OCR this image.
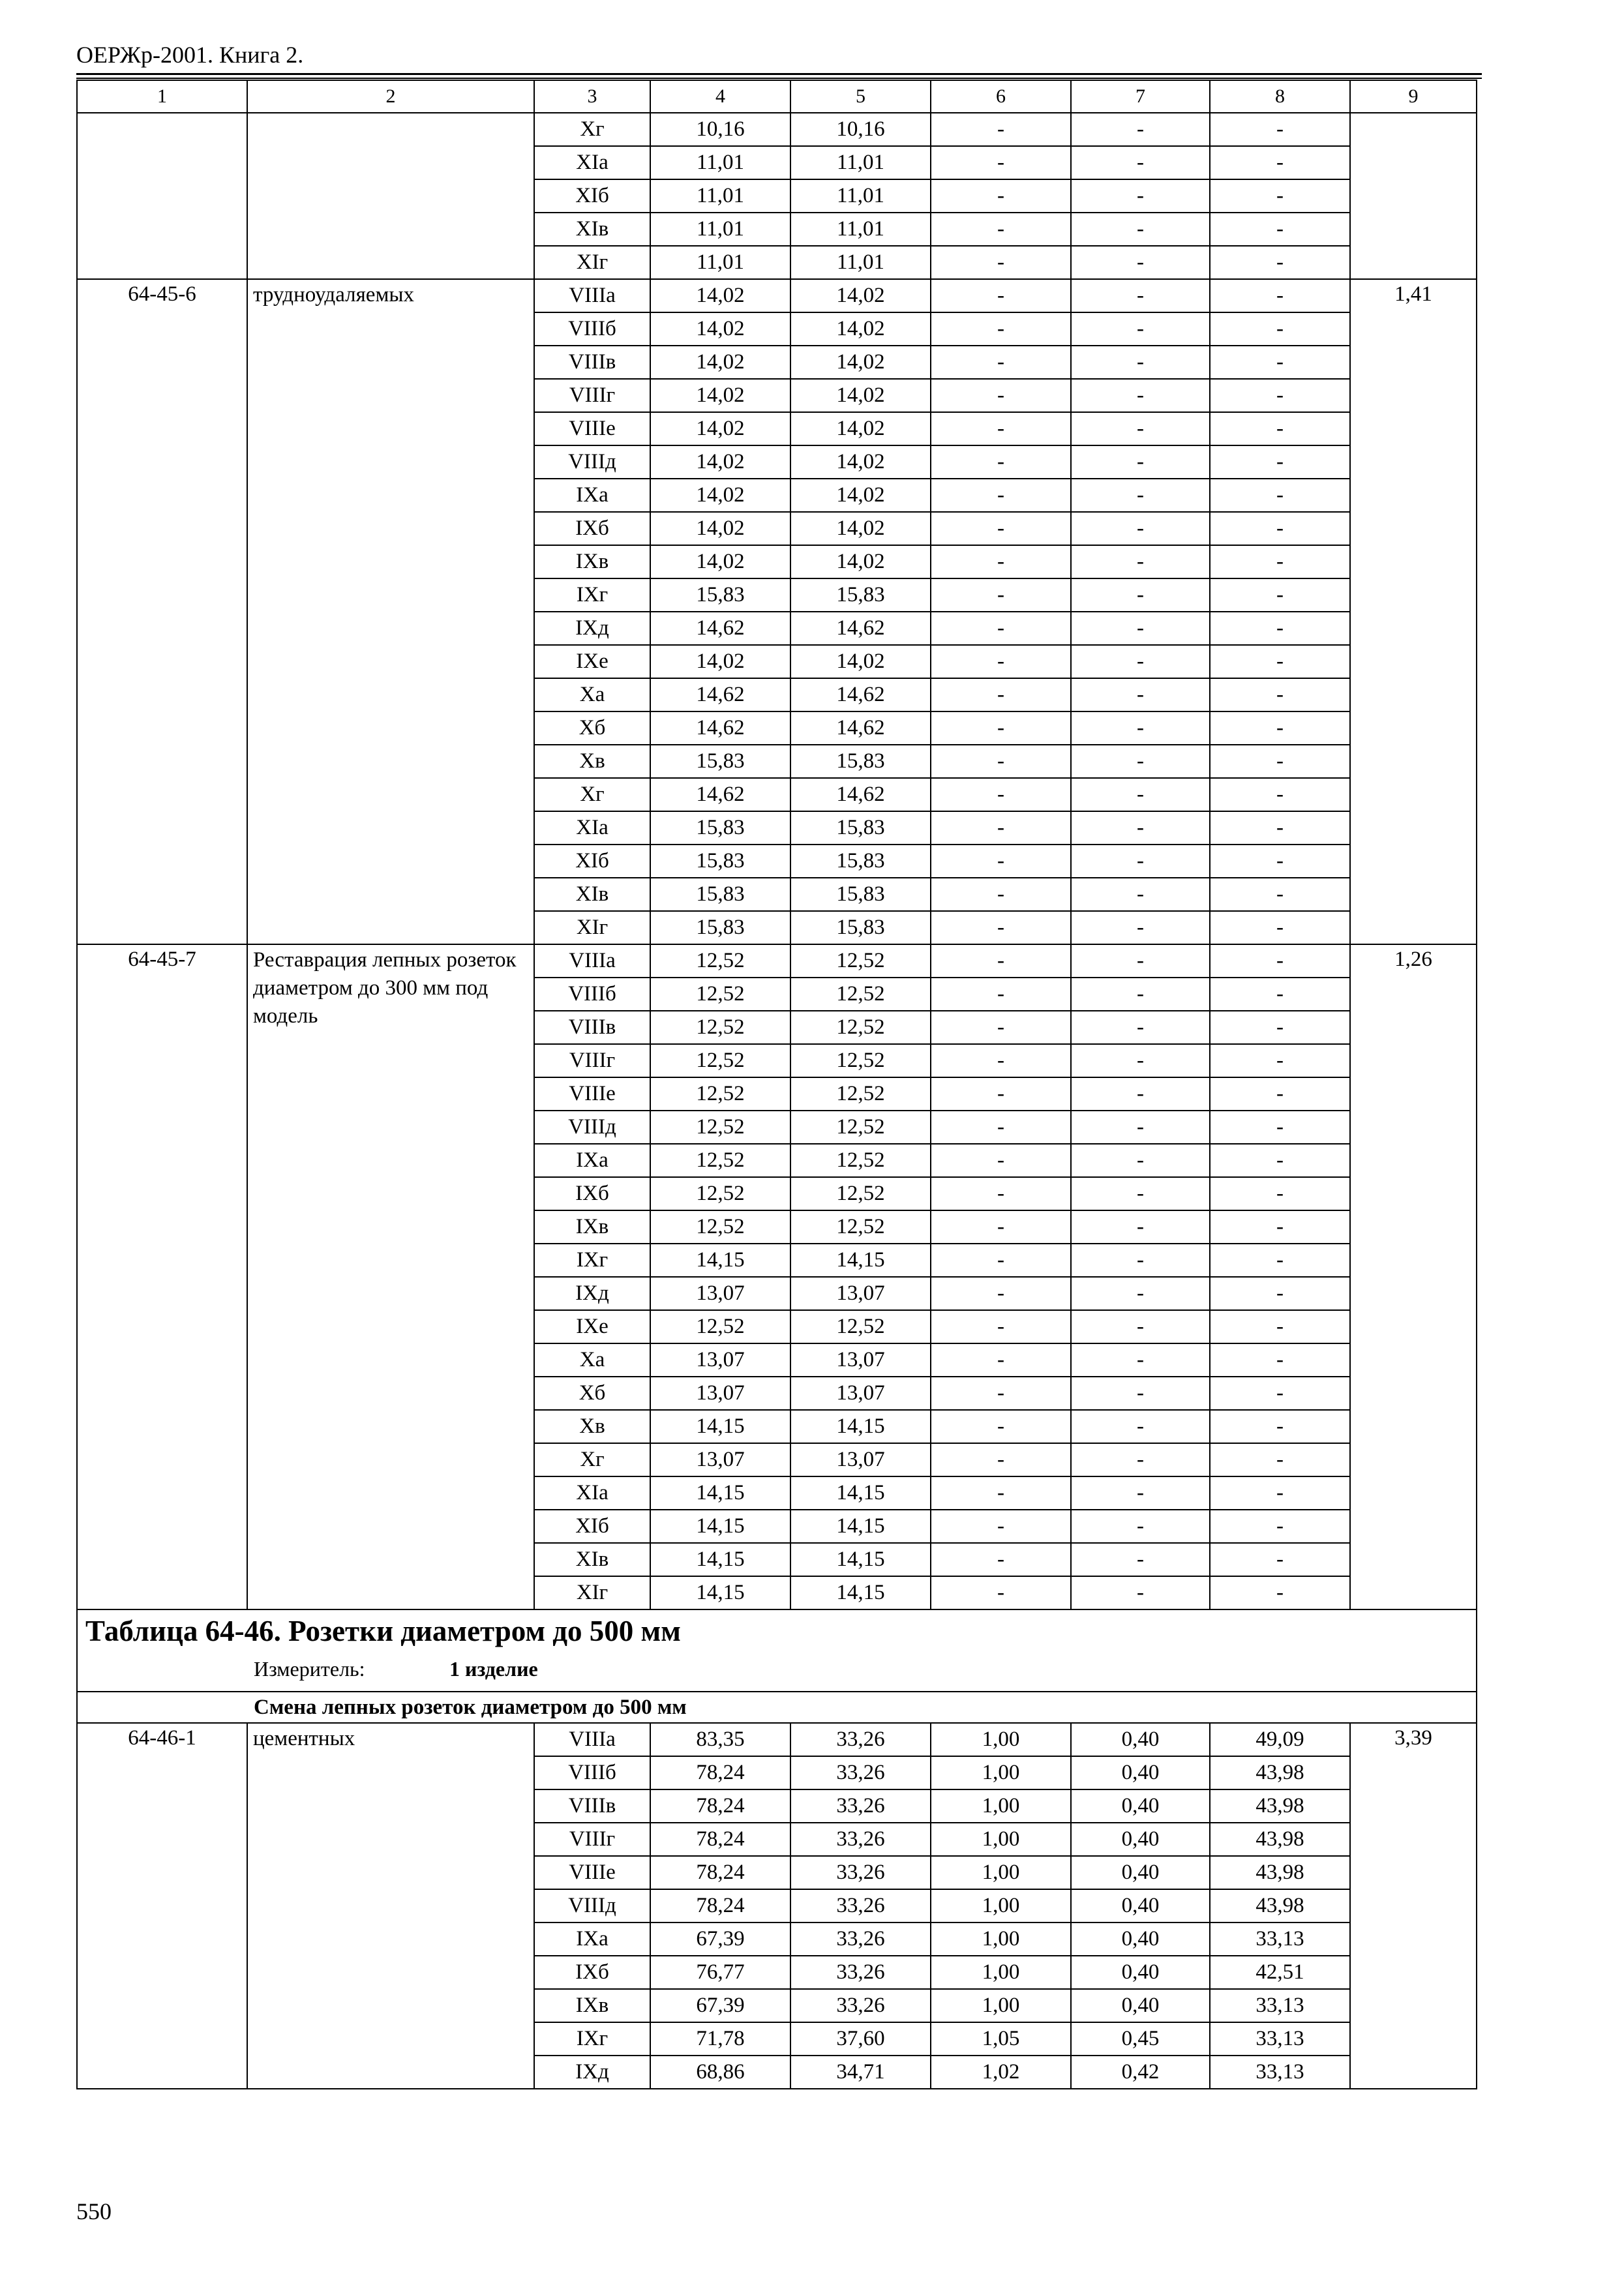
ОЕРЖр-2001. Книга 2.
1	2	3	4	5	6	7	8	9
		Хг	10,16	10,16	-	-	-	
		ХIа	11,01	11,01	-	-	-	
		ХIб	11,01	11,01	-	-	-	
		ХIв	11,01	11,01	-	-	-	
		ХIг	11,01	11,01	-	-	-	
64-45-6	трудноудаляемых	VIIIа	14,02	14,02	-	-	-	1,41
		VIIIб	14,02	14,02	-	-	-	
		VIIIв	14,02	14,02	-	-	-	
		VIIIг	14,02	14,02	-	-	-	
		VIIIе	14,02	14,02	-	-	-	
		VIIIд	14,02	14,02	-	-	-	
		IХа	14,02	14,02	-	-	-	
		IХб	14,02	14,02	-	-	-	
		IХв	14,02	14,02	-	-	-	
		IХг	15,83	15,83	-	-	-	
		IХд	14,62	14,62	-	-	-	
		IХе	14,02	14,02	-	-	-	
		Ха	14,62	14,62	-	-	-	
		Хб	14,62	14,62	-	-	-	
		Хв	15,83	15,83	-	-	-	
		Хг	14,62	14,62	-	-	-	
		ХIа	15,83	15,83	-	-	-	
		ХIб	15,83	15,83	-	-	-	
		ХIв	15,83	15,83	-	-	-	
		ХIг	15,83	15,83	-	-	-	
64-45-7	Реставрация лепных розеток диаметром до 300 мм под модель	VIIIа	12,52	12,52	-	-	-	1,26
		VIIIб	12,52	12,52	-	-	-	
		VIIIв	12,52	12,52	-	-	-	
		VIIIг	12,52	12,52	-	-	-	
		VIIIе	12,52	12,52	-	-	-	
		VIIIд	12,52	12,52	-	-	-	
		IХа	12,52	12,52	-	-	-	
		IХб	12,52	12,52	-	-	-	
		IХв	12,52	12,52	-	-	-	
		IХг	14,15	14,15	-	-	-	
		IХд	13,07	13,07	-	-	-	
		IХе	12,52	12,52	-	-	-	
		Ха	13,07	13,07	-	-	-	
		Хб	13,07	13,07	-	-	-	
		Хв	14,15	14,15	-	-	-	
		Хг	13,07	13,07	-	-	-	
		ХIа	14,15	14,15	-	-	-	
		ХIб	14,15	14,15	-	-	-	
		ХIв	14,15	14,15	-	-	-	
		ХIг	14,15	14,15	-	-	-	
Таблица 64-46. Розетки диаметром до 500 мм								
Измеритель: 1 изделие								
Смена лепных розеток диаметром до 500 мм								
64-46-1	цементных	VIIIа	83,35	33,26	1,00	0,40	49,09	3,39
		VIIIб	78,24	33,26	1,00	0,40	43,98	
		VIIIв	78,24	33,26	1,00	0,40	43,98	
		VIIIг	78,24	33,26	1,00	0,40	43,98	
		VIIIе	78,24	33,26	1,00	0,40	43,98	
		VIIIд	78,24	33,26	1,00	0,40	43,98	
		IХа	67,39	33,26	1,00	0,40	33,13	
		IХб	76,77	33,26	1,00	0,40	42,51	
		IХв	67,39	33,26	1,00	0,40	33,13	
		IХг	71,78	37,60	1,05	0,45	33,13	
		IХд	68,86	34,71	1,02	0,42	33,13	
550
